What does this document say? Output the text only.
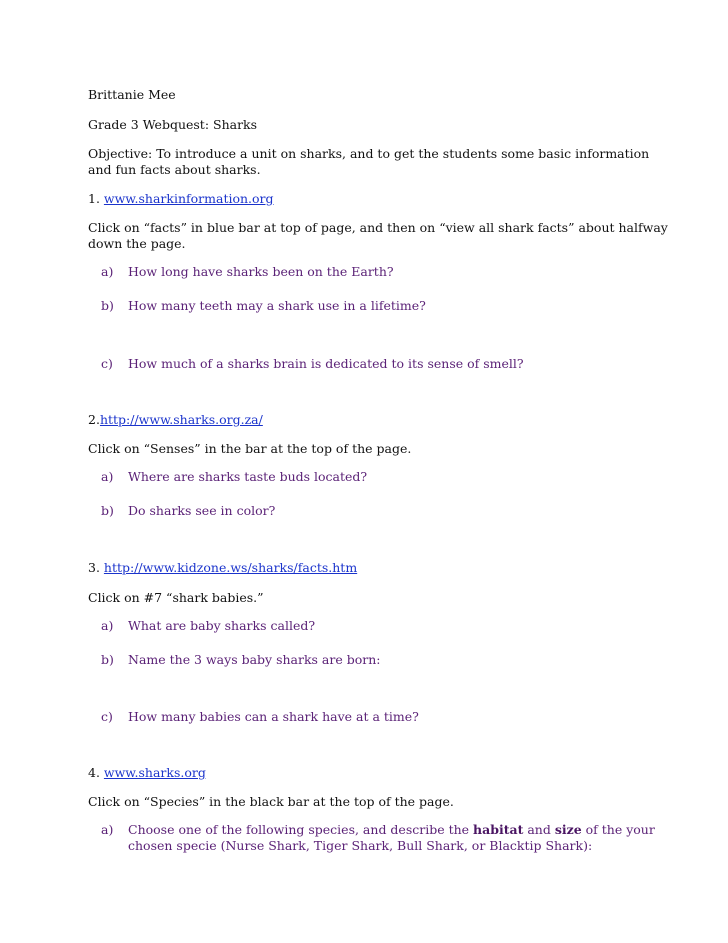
Brittanie Mee
Grade 3 Webquest: Sharks
Objective: To introduce a unit on sharks, and to get the students some basic information
and fun facts about sharks.
1. www.sharkinformation.org
Click on “facts” in blue bar at top of page, and then on “view all shark facts” about halfway
down the page.
a) How long have sharks been on the Earth?
b) How many teeth may a shark use in a lifetime?
c) How much of a sharks brain is dedicated to its sense of smell?
2.http://www.sharks.org.za/
Click on “Senses” in the bar at the top of the page.
a) Where are sharks taste buds located?
b) Do sharks see in color?
3. http://www.kidzone.ws/sharks/facts.htm
Click on #7 “shark babies.”
a) What are baby sharks called?
b) Name the 3 ways baby sharks are born:
c) How many babies can a shark have at a time?
4. www.sharks.org
Click on “Species” in the black bar at the top of the page.
a) Choose one of the following species, and describe the habitat and size of the your
chosen specie (Nurse Shark, Tiger Shark, Bull Shark, or Blacktip Shark):
